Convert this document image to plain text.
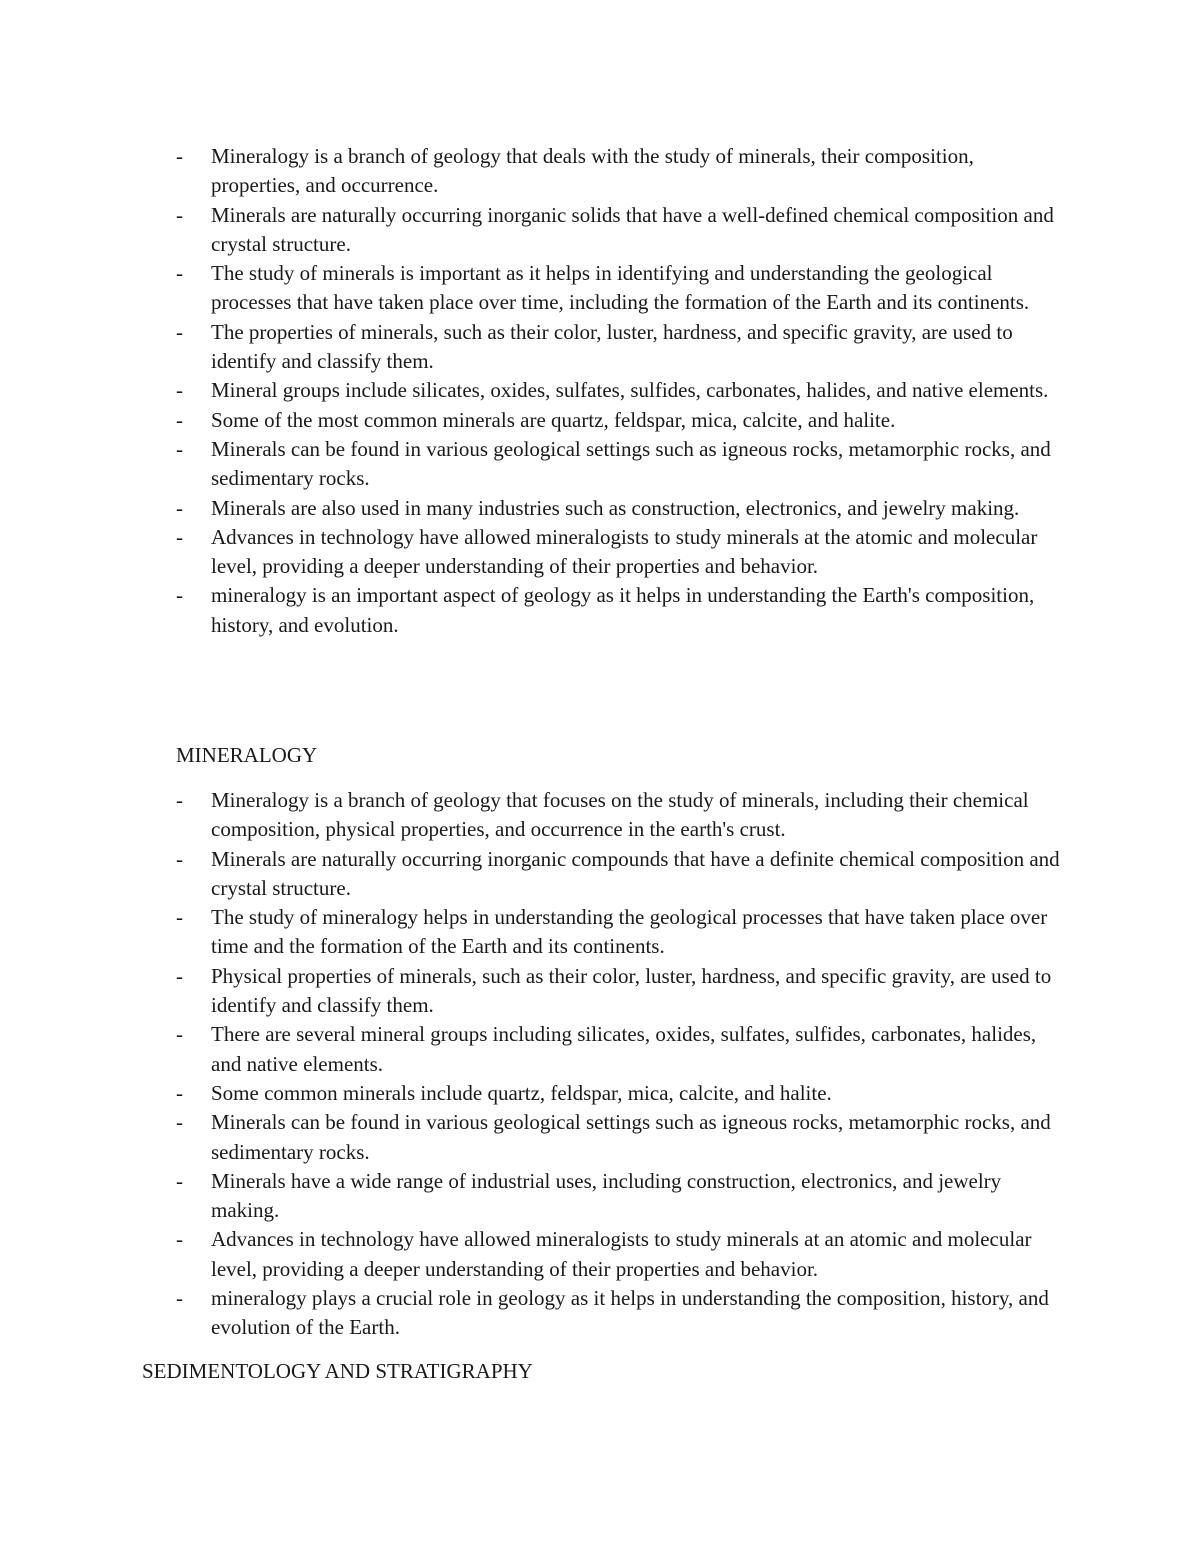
- Mineralogy is a branch of geology that deals with the study of minerals, their composition, properties, and occurrence.
- Minerals are naturally occurring inorganic solids that have a well-defined chemical composition and crystal structure.
- The study of minerals is important as it helps in identifying and understanding the geological processes that have taken place over time, including the formation of the Earth and its continents.
- The properties of minerals, such as their color, luster, hardness, and specific gravity, are used to identify and classify them.
- Mineral groups include silicates, oxides, sulfates, sulfides, carbonates, halides, and native elements.
- Some of the most common minerals are quartz, feldspar, mica, calcite, and halite.
- Minerals can be found in various geological settings such as igneous rocks, metamorphic rocks, and sedimentary rocks.
- Minerals are also used in many industries such as construction, electronics, and jewelry making.
- Advances in technology have allowed mineralogists to study minerals at the atomic and molecular level, providing a deeper understanding of their properties and behavior.
- mineralogy is an important aspect of geology as it helps in understanding the Earth's composition, history, and evolution.
MINERALOGY
- Mineralogy is a branch of geology that focuses on the study of minerals, including their chemical composition, physical properties, and occurrence in the earth's crust.
- Minerals are naturally occurring inorganic compounds that have a definite chemical composition and crystal structure.
- The study of mineralogy helps in understanding the geological processes that have taken place over time and the formation of the Earth and its continents.
- Physical properties of minerals, such as their color, luster, hardness, and specific gravity, are used to identify and classify them.
- There are several mineral groups including silicates, oxides, sulfates, sulfides, carbonates, halides, and native elements.
- Some common minerals include quartz, feldspar, mica, calcite, and halite.
- Minerals can be found in various geological settings such as igneous rocks, metamorphic rocks, and sedimentary rocks.
- Minerals have a wide range of industrial uses, including construction, electronics, and jewelry making.
- Advances in technology have allowed mineralogists to study minerals at an atomic and molecular level, providing a deeper understanding of their properties and behavior.
- mineralogy plays a crucial role in geology as it helps in understanding the composition, history, and evolution of the Earth.
SEDIMENTOLOGY AND STRATIGRAPHY
